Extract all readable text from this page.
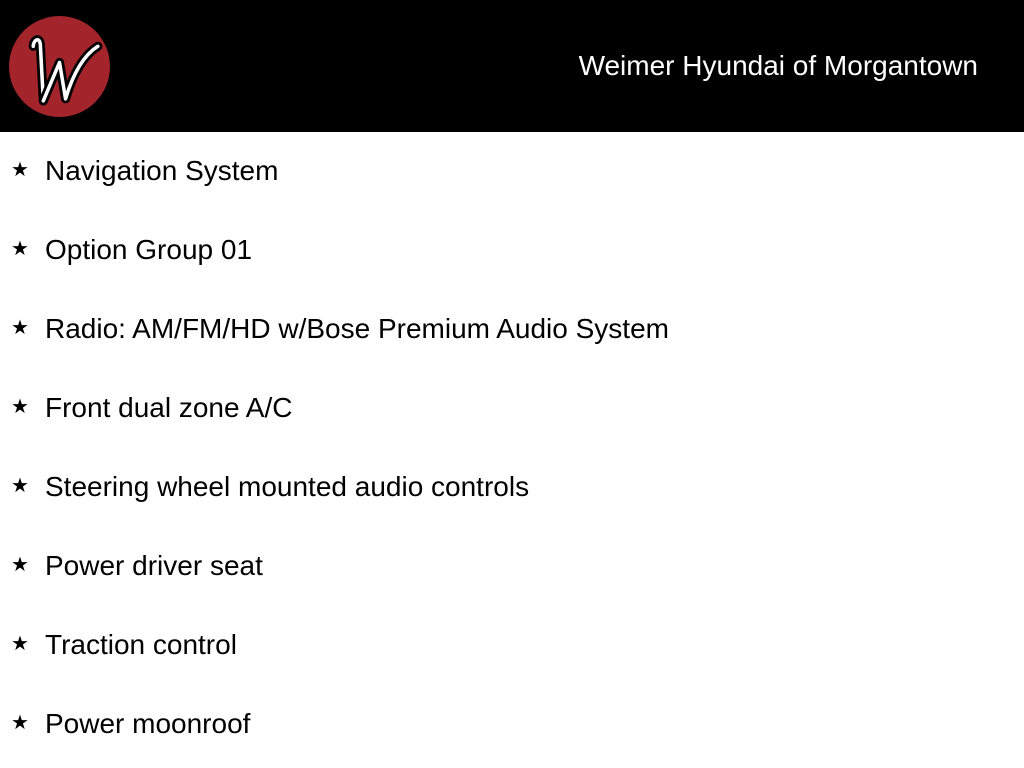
Weimer Hyundai of Morgantown
★ Navigation System
★ Option Group 01
★ Radio: AM/FM/HD w/Bose Premium Audio System
★ Front dual zone A/C
★ Steering wheel mounted audio controls
★ Power driver seat
★ Traction control
★ Power moonroof
